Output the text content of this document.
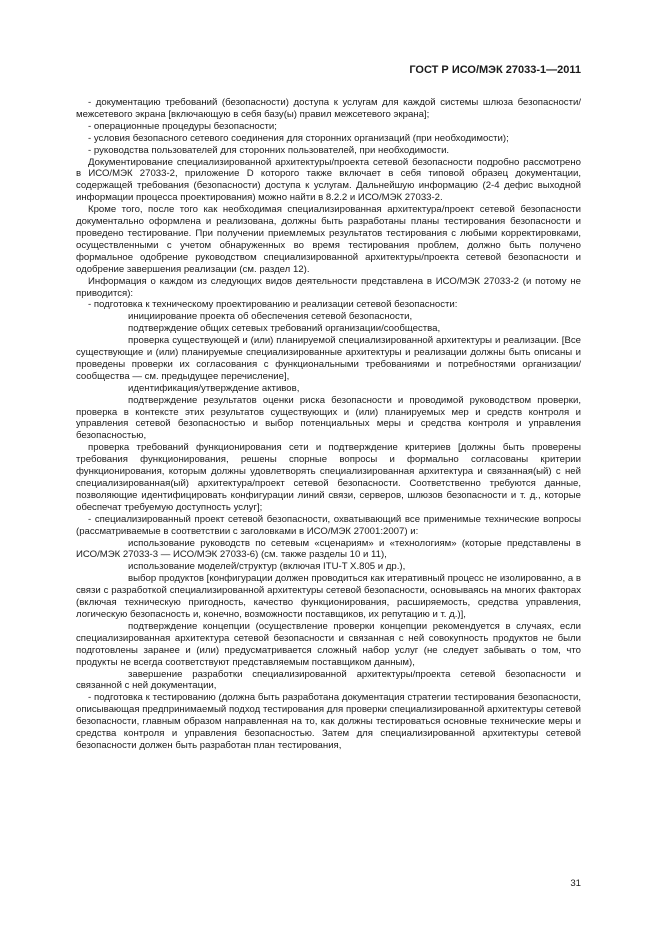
ГОСТ Р ИСО/МЭК 27033-1—2011

- документацию требований (безопасности) доступа к услугам для каждой системы шлюза безопасности/межсетевого экрана [включающую в себя базу(ы) правил межсетевого экрана];

- операционные процедуры безопасности;

- условия безопасного сетевого соединения для сторонних организаций (при необходимости);

- руководства пользователей для сторонних пользователей, при необходимости.

Документирование специализированной архитектуры/проекта сетевой безопасности подробно рассмотрено в ИСО/МЭК 27033-2, приложение D которого также включает в себя типовой образец документации, содержащей требования (безопасности) доступа к услугам. Дальнейшую информацию (2-4 дефис выходной информации процесса проектирования) можно найти в 8.2.2 и ИСО/МЭК 27033-2.

Кроме того, после того как необходимая специализированная архитектура/проект сетевой безопасности документально оформлена и реализована, должны быть разработаны планы тестирования безопасности и проведено тестирование. При получении приемлемых результатов тестирования с любыми корректировками, осуществленными с учетом обнаруженных во время тестирования проблем, должно быть получено формальное одобрение руководством специализированной архитектуры/проекта сетевой безопасности и одобрение завершения реализации (см. раздел 12).

Информация о каждом из следующих видов деятельности представлена в ИСО/МЭК 27033-2 (и потому не приводится):

- подготовка к техническому проектированию и реализации сетевой безопасности:

инициирование проекта об обеспечения сетевой безопасности,

подтверждение общих сетевых требований организации/сообщества,

проверка существующей и (или) планируемой специализированной архитектуры и реализации. [Все существующие и (или) планируемые специализированные архитектуры и реализации должны быть описаны и проведены проверки их согласования с функциональными требованиями и потребностями организации/сообщества — см. предыдущее перечисление],

идентификация/утверждение активов,

подтверждение результатов оценки риска безопасности и проводимой руководством проверки, проверка в контексте этих результатов существующих и (или) планируемых мер и средств контроля и управления сетевой безопасностью и выбор потенциальных меры и средства контроля и управления безопасностью,

проверка требований функционирования сети и подтверждение критериев [должны быть проверены требования функционирования, решены спорные вопросы и формально согласованы критерии функционирования, которым должны удовлетворять специализированная архитектура и связанная(ый) с ней специализированная(ый) архитектура/проект сетевой безопасности. Соответственно требуются данные, позволяющие идентифицировать конфигурации линий связи, серверов, шлюзов безопасности и т. д., которые обеспечат требуемую доступность услуг];

- специализированный проект сетевой безопасности, охватывающий все применимые технические вопросы (рассматриваемые в соответствии с заголовками в ИСО/МЭК 27001:2007) и:

использование руководств по сетевым «сценариям» и «технологиям» (которые представлены в ИСО/МЭК 27033-3 — ИСО/МЭК 27033-6) (см. также разделы 10 и 11),

использование моделей/структур (включая ITU-T X.805 и др.),

выбор продуктов [конфигурации должен проводиться как итеративный процесс не изолированно, а в связи с разработкой специализированной архитектуры сетевой безопасности, основываясь на многих факторах (включая техническую пригодность, качество функционирования, расширяемость, средства управления, логическую безопасность и, конечно, возможности поставщиков, их репутацию и т. д.)],

подтверждение концепции (осуществление проверки концепции рекомендуется в случаях, если специализированная архитектура сетевой безопасности и связанная с ней совокупность продуктов не были подготовлены заранее и (или) предусматривается сложный набор услуг (не следует забывать о том, что продукты не всегда соответствуют представляемым поставщиком данным),

завершение разработки специализированной архитектуры/проекта сетевой безопасности и связанной с ней документации,

- подготовка к тестированию (должна быть разработана документация стратегии тестирования безопасности, описывающая предпринимаемый подход тестирования для проверки специализированной архитектуры сетевой безопасности, главным образом направленная на то, как должны тестироваться основные технические меры и средства контроля и управления безопасностью. Затем для специализированной архитектуры сетевой безопасности должен быть разработан план тестирования,

31
